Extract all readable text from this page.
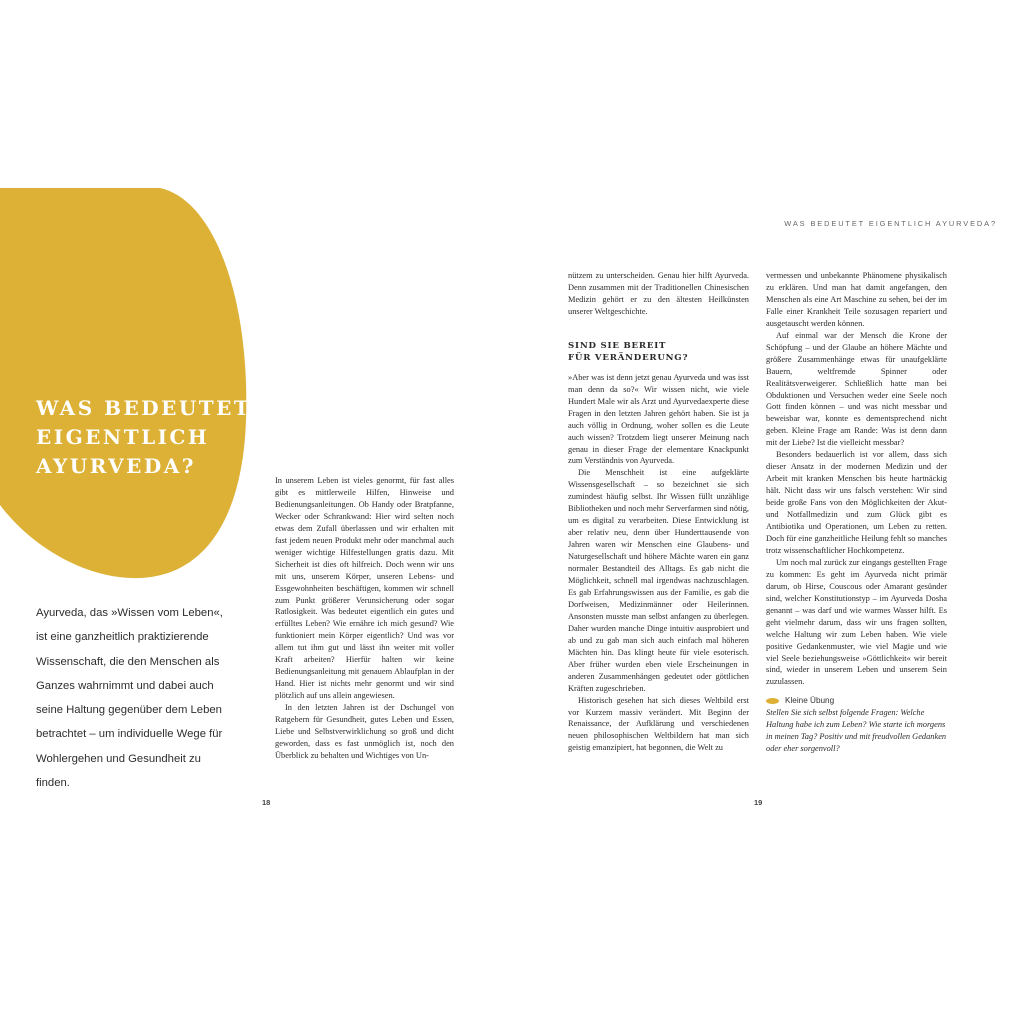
WAS BEDEUTET
EIGENTLICH
AYURVEDA?

Ayurveda, das »Wissen vom Leben«, ist eine ganzheitlich praktizierende Wissenschaft, die den Menschen als Ganzes wahrnimmt und dabei auch seine Haltung gegenüber dem Leben betrachtet – um individuelle Wege für Wohlergehen und Gesundheit zu finden.

In unserem Leben ist vieles genormt, für fast alles gibt es mittlerweile Hilfen, Hinweise und Bedienungsanleitungen. Ob Handy oder Bratpfanne, Wecker oder Schrankwand: Hier wird selten noch etwas dem Zufall überlassen und wir erhalten mit fast jedem neuen Produkt mehr oder manchmal auch weniger wichtige Hilfestellungen gratis dazu. Mit Sicherheit ist dies oft hilfreich. Doch wenn wir uns mit uns, unserem Körper, unseren Lebens- und Essgewohnheiten beschäftigen, kommen wir schnell zum Punkt größerer Verunsicherung oder sogar Ratlosigkeit. Was bedeutet eigentlich ein gutes und erfülltes Leben? Wie ernähre ich mich gesund? Wie funktioniert mein Körper eigentlich? Und was vor allem tut ihm gut und lässt ihn weiter mit voller Kraft arbeiten? Hierfür halten wir keine Bedienungsanleitung mit genauem Ablaufplan in der Hand. Hier ist nichts mehr genormt und wir sind plötzlich auf uns allein angewiesen.

In den letzten Jahren ist der Dschungel von Ratgebern für Gesundheit, gutes Leben und Essen, Liebe und Selbstverwirklichung so groß und dicht geworden, dass es fast unmöglich ist, noch den Überblick zu behalten und Wichtiges von Un-

18
WAS BEDEUTET EIGENTLICH AYURVEDA?

nützem zu unterscheiden. Genau hier hilft Ayurveda. Denn zusammen mit der Traditionellen Chinesischen Medizin gehört er zu den ältesten Heilkünsten unserer Weltgeschichte.

SIND SIE BEREIT
FÜR VERÄNDERUNG?

»Aber was ist denn jetzt genau Ayurveda und was isst man denn da so?« Wir wissen nicht, wie viele Hundert Male wir als Arzt und Ayurvedaexperte diese Fragen in den letzten Jahren gehört haben. Sie ist ja auch völlig in Ordnung, woher sollen es die Leute auch wissen? Trotzdem liegt unserer Meinung nach genau in dieser Frage der elementare Knackpunkt zum Verständnis von Ayurveda.

Die Menschheit ist eine aufgeklärte Wissensgesellschaft – so bezeichnet sie sich zumindest häufig selbst. Ihr Wissen füllt unzählige Bibliotheken und noch mehr Serverfarmen sind nötig, um es digital zu verarbeiten. Diese Entwicklung ist aber relativ neu, denn über Hunderttausende von Jahren waren wir Menschen eine Glaubens- und Naturgesellschaft und höhere Mächte waren ein ganz normaler Bestandteil des Alltags. Es gab nicht die Möglichkeit, schnell mal irgendwas nachzuschlagen. Es gab Erfahrungswissen aus der Familie, es gab die Dorfweisen, Medizinmänner oder Heilerinnen. Ansonsten musste man selbst anfangen zu überlegen. Daher wurden manche Dinge intuitiv ausprobiert und ab und zu gab man sich auch einfach mal höheren Mächten hin. Das klingt heute für viele esoterisch. Aber früher wurden eben viele Erscheinungen in anderen Zusammenhängen gedeutet oder göttlichen Kräften zugeschrieben.

Historisch gesehen hat sich dieses Weltbild erst vor Kurzem massiv verändert. Mit Beginn der Renaissance, der Aufklärung und verschiedenen neuen philosophischen Weltbildern hat man sich geistig emanzipiert, hat begonnen, die Welt zu

vermessen und unbekannte Phänomene physikalisch zu erklären. Und man hat damit angefangen, den Menschen als eine Art Maschine zu sehen, bei der im Falle einer Krankheit Teile sozusagen repariert und ausgetauscht werden können.

Auf einmal war der Mensch die Krone der Schöpfung – und der Glaube an höhere Mächte und größere Zusammenhänge etwas für unaufgeklärte Bauern, weltfremde Spinner oder Realitätsverweigerer. Schließlich hatte man bei Obduktionen und Versuchen weder eine Seele noch Gott finden können – und was nicht messbar und beweisbar war, konnte es dementsprechend nicht geben. Kleine Frage am Rande: Was ist denn dann mit der Liebe? Ist die vielleicht messbar?

Besonders bedauerlich ist vor allem, dass sich dieser Ansatz in der modernen Medizin und der Arbeit mit kranken Menschen bis heute hartnäckig hält. Nicht dass wir uns falsch verstehen: Wir sind beide große Fans von den Möglichkeiten der Akut- und Notfallmedizin und zum Glück gibt es Antibiotika und Operationen, um Leben zu retten. Doch für eine ganzheitliche Heilung fehlt so manches trotz wissenschaftlicher Hochkompetenz.

Um noch mal zurück zur eingangs gestellten Frage zu kommen: Es geht im Ayurveda nicht primär darum, ob Hirse, Couscous oder Amarant gesünder sind, welcher Konstitutionstyp – im Ayurveda Dosha genannt – was darf und wie warmes Wasser hilft. Es geht vielmehr darum, dass wir uns fragen sollten, welche Haltung wir zum Leben haben. Wie viele positive Gedankenmuster, wie viel Magie und wie viel Seele beziehungsweise »Göttlichkeit« wir bereit sind, wieder in unserem Leben und unserem Sein zuzulassen.

Kleine Übung

Stellen Sie sich selbst folgende Fragen: Welche Haltung habe ich zum Leben? Wie starte ich morgens in meinen Tag? Positiv und mit freudvollen Gedanken oder eher sorgenvoll?

19
